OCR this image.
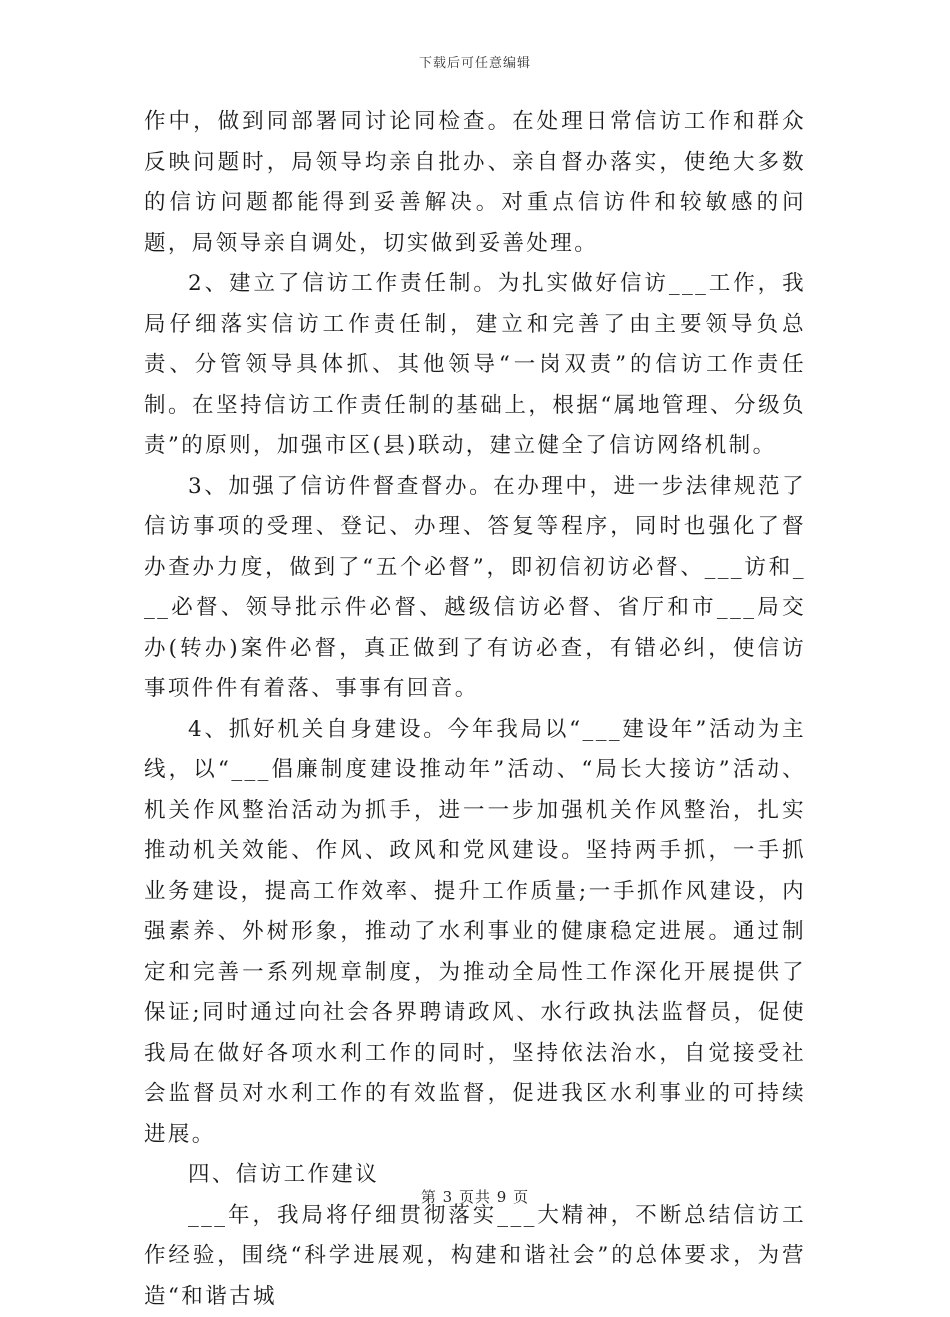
下载后可任意编辑

作中，做到同部署同讨论同检查。在处理日常信访工作和群众反映问题时，局领导均亲自批办、亲自督办落实，使绝大多数的信访问题都能得到妥善解决。对重点信访件和较敏感的问题，局领导亲自调处，切实做到妥善处理。

2、建立了信访工作责任制。为扎实做好信访___工作，我局仔细落实信访工作责任制，建立和完善了由主要领导负总责、分管领导具体抓、其他领导“一岗双责”的信访工作责任制。在坚持信访工作责任制的基础上，根据“属地管理、分级负责”的原则，加强市区(县)联动，建立健全了信访网络机制。

3、加强了信访件督查督办。在办理中，进一步法律规范了信访事项的受理、登记、办理、答复等程序，同时也强化了督办查办力度，做到了“五个必督”，即初信初访必督、___访和___必督、领导批示件必督、越级信访必督、省厅和市___局交办(转办)案件必督，真正做到了有访必查，有错必纠，使信访事项件件有着落、事事有回音。

4、抓好机关自身建设。今年我局以“___建设年”活动为主线，以“___倡廉制度建设推动年”活动、“局长大接访”活动、机关作风整治活动为抓手，进一一步加强机关作风整治，扎实推动机关效能、作风、政风和党风建设。坚持两手抓，一手抓业务建设，提高工作效率、提升工作质量;一手抓作风建设，内强素养、外树形象，推动了水利事业的健康稳定进展。通过制定和完善一系列规章制度，为推动全局性工作深化开展提供了保证;同时通过向社会各界聘请政风、水行政执法监督员，促使我局在做好各项水利工作的同时，坚持依法治水，自觉接受社会监督员对水利工作的有效监督，促进我区水利事业的可持续进展。

四、信访工作建议

___年，我局将仔细贯彻落实___大精神，不断总结信访工作经验，围绕“科学进展观，构建和谐社会”的总体要求，为营造“和谐古城

第 3 页共 9 页
